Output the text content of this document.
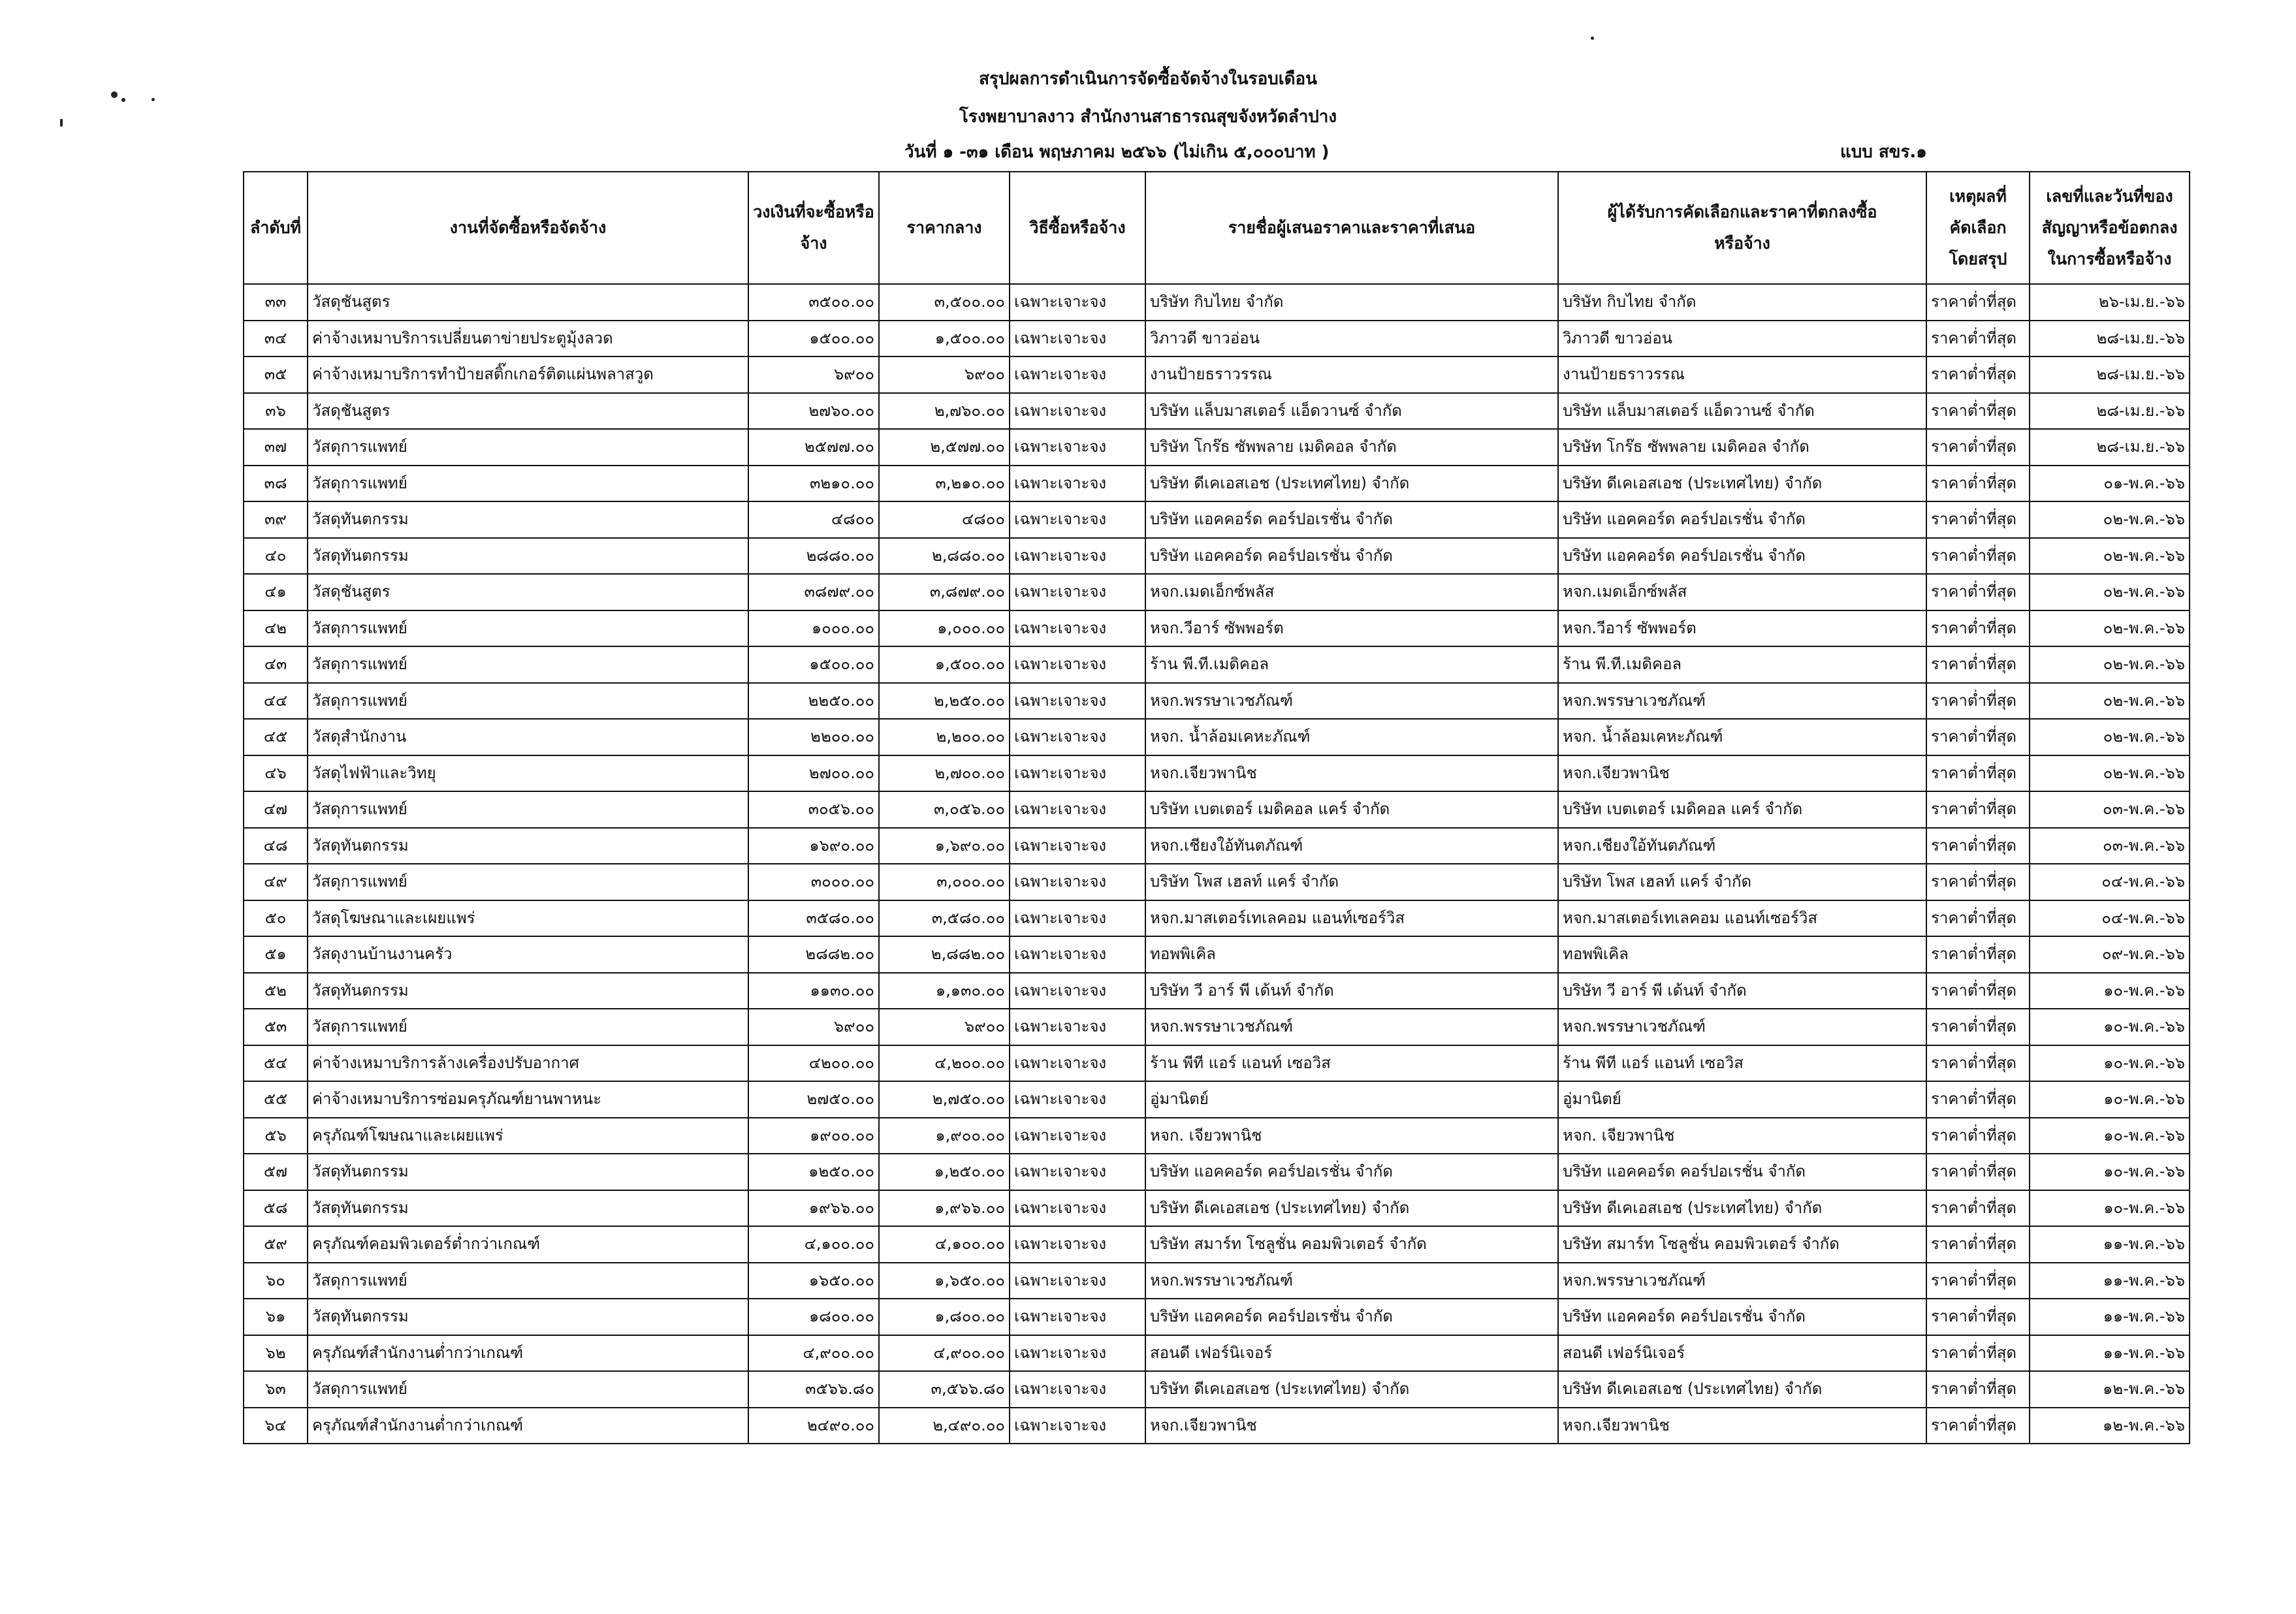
สรุปผลการดำเนินการจัดซื้อจัดจ้างในรอบเดือน
โรงพยาบาลงาว สำนักงานสาธารณสุขจังหวัดลำปาง
วันที่ ๑ -๓๑ เดือน พฤษภาคม ๒๕๖๖ (ไม่เกิน ๕,๐๐๐บาท )	แบบ สขร.๑
ลำดับที่	งานที่จัดซื้อหรือจัดจ้าง	วงเงินที่จะซื้อหรือจ้าง	ราคากลาง	วิธีซื้อหรือจ้าง	รายชื่อผู้เสนอราคาและราคาที่เสนอ	ผู้ได้รับการคัดเลือกและราคาที่ตกลงซื้อหรือจ้าง	เหตุผลที่คัดเลือกโดยสรุป	เลขที่และวันที่ของสัญญาหรือข้อตกลงในการซื้อหรือจ้าง
๓๓	วัสดุชันสูตร	๓๕๐๐.๐๐	๓,๕๐๐.๐๐	เฉพาะเจาะจง	บริษัท กิบไทย จำกัด	บริษัท กิบไทย จำกัด	ราคาต่ำที่สุด	๒๖-เม.ย.-๖๖
๓๔	ค่าจ้างเหมาบริการเปลี่ยนตาข่ายประตูมุ้งลวด	๑๕๐๐.๐๐	๑,๕๐๐.๐๐	เฉพาะเจาะจง	วิภาวดี ขาวอ่อน	วิภาวดี ขาวอ่อน	ราคาต่ำที่สุด	๒๘-เม.ย.-๖๖
๓๕	ค่าจ้างเหมาบริการทำป้ายสติ๊กเกอร์ติดแผ่นพลาสวูด	๖๙๐๐	๖๙๐๐	เฉพาะเจาะจง	งานป้ายธราวรรณ	งานป้ายธราวรรณ	ราคาต่ำที่สุด	๒๘-เม.ย.-๖๖
๓๖	วัสดุชันสูตร	๒๗๖๐.๐๐	๒,๗๖๐.๐๐	เฉพาะเจาะจง	บริษัท แล็บมาสเตอร์ แอ็ดวานซ์ จำกัด	บริษัท แล็บมาสเตอร์ แอ็ดวานซ์ จำกัด	ราคาต่ำที่สุด	๒๘-เม.ย.-๖๖
๓๗	วัสดุการแพทย์	๒๕๗๗.๐๐	๒,๕๗๗.๐๐	เฉพาะเจาะจง	บริษัท โกร๊ธ ซัพพลาย เมดิคอล จำกัด	บริษัท โกร๊ธ ซัพพลาย เมดิคอล จำกัด	ราคาต่ำที่สุด	๒๘-เม.ย.-๖๖
๓๘	วัสดุการแพทย์	๓๒๑๐.๐๐	๓,๒๑๐.๐๐	เฉพาะเจาะจง	บริษัท ดีเคเอสเอช (ประเทศไทย) จำกัด	บริษัท ดีเคเอสเอช (ประเทศไทย) จำกัด	ราคาต่ำที่สุด	๐๑-พ.ค.-๖๖
๓๙	วัสดุทันตกรรม	๔๘๐๐	๔๘๐๐	เฉพาะเจาะจง	บริษัท แอคคอร์ด คอร์ปอเรชั่น จำกัด	บริษัท แอคคอร์ด คอร์ปอเรชั่น จำกัด	ราคาต่ำที่สุด	๐๒-พ.ค.-๖๖
๔๐	วัสดุทันตกรรม	๒๘๘๐.๐๐	๒,๘๘๐.๐๐	เฉพาะเจาะจง	บริษัท แอคคอร์ด คอร์ปอเรชั่น จำกัด	บริษัท แอคคอร์ด คอร์ปอเรชั่น จำกัด	ราคาต่ำที่สุด	๐๒-พ.ค.-๖๖
๔๑	วัสดุชันสูตร	๓๘๗๙.๐๐	๓,๘๗๙.๐๐	เฉพาะเจาะจง	หจก.เมดเอ็กซ์พลัส	หจก.เมดเอ็กซ์พลัส	ราคาต่ำที่สุด	๐๒-พ.ค.-๖๖
๔๒	วัสดุการแพทย์	๑๐๐๐.๐๐	๑,๐๐๐.๐๐	เฉพาะเจาะจง	หจก.วีอาร์ ซัพพอร์ต	หจก.วีอาร์ ซัพพอร์ต	ราคาต่ำที่สุด	๐๒-พ.ค.-๖๖
๔๓	วัสดุการแพทย์	๑๕๐๐.๐๐	๑,๕๐๐.๐๐	เฉพาะเจาะจง	ร้าน พี.ที.เมดิคอล	ร้าน พี.ที.เมดิคอล	ราคาต่ำที่สุด	๐๒-พ.ค.-๖๖
๔๔	วัสดุการแพทย์	๒๒๕๐.๐๐	๒,๒๕๐.๐๐	เฉพาะเจาะจง	หจก.พรรษาเวชภัณฑ์	หจก.พรรษาเวชภัณฑ์	ราคาต่ำที่สุด	๐๒-พ.ค.-๖๖
๔๕	วัสดุสำนักงาน	๒๒๐๐.๐๐	๒,๒๐๐.๐๐	เฉพาะเจาะจง	หจก. น้ำล้อมเคหะภัณฑ์	หจก. น้ำล้อมเคหะภัณฑ์	ราคาต่ำที่สุด	๐๒-พ.ค.-๖๖
๔๖	วัสดุไฟฟ้าและวิทยุ	๒๗๐๐.๐๐	๒,๗๐๐.๐๐	เฉพาะเจาะจง	หจก.เจียวพานิช	หจก.เจียวพานิช	ราคาต่ำที่สุด	๐๒-พ.ค.-๖๖
๔๗	วัสดุการแพทย์	๓๐๕๖.๐๐	๓,๐๕๖.๐๐	เฉพาะเจาะจง	บริษัท เบตเตอร์ เมดิคอล แคร์ จำกัด	บริษัท เบตเตอร์ เมดิคอล แคร์ จำกัด	ราคาต่ำที่สุด	๐๓-พ.ค.-๖๖
๔๘	วัสดุทันตกรรม	๑๖๙๐.๐๐	๑,๖๙๐.๐๐	เฉพาะเจาะจง	หจก.เชียงใอ้ทันตภัณฑ์	หจก.เชียงใอ้ทันตภัณฑ์	ราคาต่ำที่สุด	๐๓-พ.ค.-๖๖
๔๙	วัสดุการแพทย์	๓๐๐๐.๐๐	๓,๐๐๐.๐๐	เฉพาะเจาะจง	บริษัท โพส เฮลท์ แคร์ จำกัด	บริษัท โพส เฮลท์ แคร์ จำกัด	ราคาต่ำที่สุด	๐๔-พ.ค.-๖๖
๕๐	วัสดุโฆษณาและเผยแพร่	๓๕๘๐.๐๐	๓,๕๘๐.๐๐	เฉพาะเจาะจง	หจก.มาสเตอร์เทเลคอม แอนท์เซอร์วิส	หจก.มาสเตอร์เทเลคอม แอนท์เซอร์วิส	ราคาต่ำที่สุด	๐๔-พ.ค.-๖๖
๕๑	วัสดุงานบ้านงานครัว	๒๘๘๒.๐๐	๒,๘๘๒.๐๐	เฉพาะเจาะจง	ทอพพิเคิล	ทอพพิเคิล	ราคาต่ำที่สุด	๐๙-พ.ค.-๖๖
๕๒	วัสดุทันตกรรม	๑๑๓๐.๐๐	๑,๑๓๐.๐๐	เฉพาะเจาะจง	บริษัท วี อาร์ พี เด้นท์ จำกัด	บริษัท วี อาร์ พี เด้นท์ จำกัด	ราคาต่ำที่สุด	๑๐-พ.ค.-๖๖
๕๓	วัสดุการแพทย์	๖๙๐๐	๖๙๐๐	เฉพาะเจาะจง	หจก.พรรษาเวชภัณฑ์	หจก.พรรษาเวชภัณฑ์	ราคาต่ำที่สุด	๑๐-พ.ค.-๖๖
๕๔	ค่าจ้างเหมาบริการล้างเครื่องปรับอากาศ	๔๒๐๐.๐๐	๔,๒๐๐.๐๐	เฉพาะเจาะจง	ร้าน พีที แอร์ แอนท์ เซอวิส	ร้าน พีที แอร์ แอนท์ เซอวิส	ราคาต่ำที่สุด	๑๐-พ.ค.-๖๖
๕๕	ค่าจ้างเหมาบริการซ่อมครุภัณฑ์ยานพาหนะ	๒๗๕๐.๐๐	๒,๗๕๐.๐๐	เฉพาะเจาะจง	อู่มานิตย์	อู่มานิตย์	ราคาต่ำที่สุด	๑๐-พ.ค.-๖๖
๕๖	ครุภัณฑ์โฆษณาและเผยแพร่	๑๙๐๐.๐๐	๑,๙๐๐.๐๐	เฉพาะเจาะจง	หจก. เจียวพานิช	หจก. เจียวพานิช	ราคาต่ำที่สุด	๑๐-พ.ค.-๖๖
๕๗	วัสดุทันตกรรม	๑๒๕๐.๐๐	๑,๒๕๐.๐๐	เฉพาะเจาะจง	บริษัท แอคคอร์ด คอร์ปอเรชั่น จำกัด	บริษัท แอคคอร์ด คอร์ปอเรชั่น จำกัด	ราคาต่ำที่สุด	๑๐-พ.ค.-๖๖
๕๘	วัสดุทันตกรรม	๑๙๖๖.๐๐	๑,๙๖๖.๐๐	เฉพาะเจาะจง	บริษัท ดีเคเอสเอช (ประเทศไทย) จำกัด	บริษัท ดีเคเอสเอช (ประเทศไทย) จำกัด	ราคาต่ำที่สุด	๑๐-พ.ค.-๖๖
๕๙	ครุภัณฑ์คอมพิวเตอร์ต่ำกว่าเกณฑ์	๔,๑๐๐.๐๐	๔,๑๐๐.๐๐	เฉพาะเจาะจง	บริษัท สมาร์ท โซลูชั่น คอมพิวเตอร์ จำกัด	บริษัท สมาร์ท โซลูชั่น คอมพิวเตอร์ จำกัด	ราคาต่ำที่สุด	๑๑-พ.ค.-๖๖
๖๐	วัสดุการแพทย์	๑๖๕๐.๐๐	๑,๖๕๐.๐๐	เฉพาะเจาะจง	หจก.พรรษาเวชภัณฑ์	หจก.พรรษาเวชภัณฑ์	ราคาต่ำที่สุด	๑๑-พ.ค.-๖๖
๖๑	วัสดุทันตกรรม	๑๘๐๐.๐๐	๑,๘๐๐.๐๐	เฉพาะเจาะจง	บริษัท แอคคอร์ด คอร์ปอเรชั่น จำกัด	บริษัท แอคคอร์ด คอร์ปอเรชั่น จำกัด	ราคาต่ำที่สุด	๑๑-พ.ค.-๖๖
๖๒	ครุภัณฑ์สำนักงานต่ำกว่าเกณฑ์	๔,๙๐๐.๐๐	๔,๙๐๐.๐๐	เฉพาะเจาะจง	สอนดี เฟอร์นิเจอร์	สอนดี เฟอร์นิเจอร์	ราคาต่ำที่สุด	๑๑-พ.ค.-๖๖
๖๓	วัสดุการแพทย์	๓๕๖๖.๘๐	๓,๕๖๖.๘๐	เฉพาะเจาะจง	บริษัท ดีเคเอสเอช (ประเทศไทย) จำกัด	บริษัท ดีเคเอสเอช (ประเทศไทย) จำกัด	ราคาต่ำที่สุด	๑๒-พ.ค.-๖๖
๖๔	ครุภัณฑ์สำนักงานต่ำกว่าเกณฑ์	๒๔๙๐.๐๐	๒,๔๙๐.๐๐	เฉพาะเจาะจง	หจก.เจียวพานิช	หจก.เจียวพานิช	ราคาต่ำที่สุด	๑๒-พ.ค.-๖๖
